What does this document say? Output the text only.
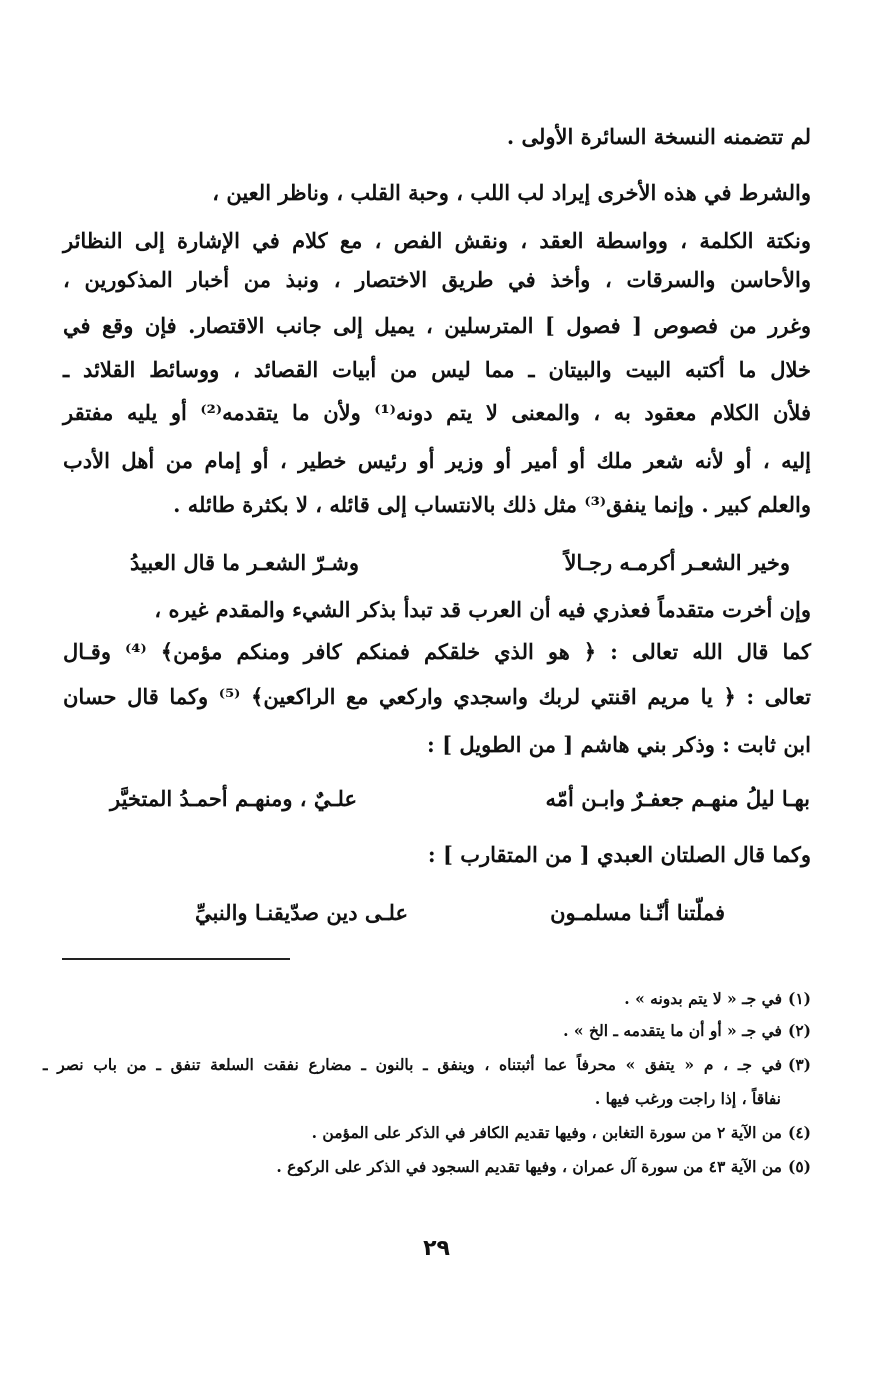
لم تتضمنه النسخة السائرة الأولى .
والشرط في هذه الأخرى إيراد لب اللب ، وحبة القلب ، وناظر العين ،
ونكتة الكلمة ، وواسطة العقد ، ونقش الفص ، مع كلام في الإشارة إلى النظائر
والأحاسن والسرقات ، وأخذ في طريق الاختصار ، ونبذ من أخبار المذكورين ،
وغرر من فصوص [ فصول ] المترسلين ، يميل إلى جانب الاقتصار. فإن وقع في
خلال ما أكتبه البيت والبيتان ـ مما ليس من أبيات القصائد ، ووسائط القلائد ـ
فلأن الكلام معقود به ، والمعنى لا يتم دونه⁽¹⁾ ولأن ما يتقدمه⁽²⁾ أو يليه مفتقر
إليه ، أو لأنه شعر ملك أو أمير أو وزير أو رئيس خطير ، أو إمام من أهل الأدب
والعلم كبير . وإنما ينفق⁽³⁾ مثل ذلك بالانتساب إلى قائله ، لا بكثرة طائله .
وخير الشعـر أكرمـه رجـالاً
وشـرّ الشعـر ما قال العبيدُ
وإن أخرت متقدماً فعذري فيه أن العرب قد تبدأ بذكر الشيء والمقدم غيره ،
كما قال الله تعالى : ﴿ هو الذي خلقكم فمنكم كافر ومنكم مؤمن﴾ ⁽⁴⁾ وقـال
تعالى : ﴿ يا مريم اقنتي لربك واسجدي واركعي مع الراكعين﴾ ⁽⁵⁾ وكما قال حسان
ابن ثابت : وذكر بني هاشم [ من الطويل ] :
بهـا ليلُ منهـم جعفـرٌ وابـن أمّه
علـيٌ ، ومنهـم أحمـدُ المتخيَّر
وكما قال الصلتان العبدي [ من المتقارب ] :
فملّتنا أنّـنا مسلمـون
علـى دين صدّيقنـا والنبيِّ
(١)في جـ « لا يتم بدونه » .
(٢)في جـ « أو أن ما يتقدمه ـ الخ » .
(٣)في جـ ، م « يتفق » محرفاً عما أثبتناه ، وينفق ـ بالنون ـ مضارع نفقت السلعة تنفق ـ من باب نصر ـ
نفاقاً ، إذا راجت ورغب فيها .
(٤)من الآية ٢ من سورة التغابن ، وفيها تقديم الكافر في الذكر على المؤمن .
(٥)من الآية ٤٣ من سورة آل عمران ، وفيها تقديم السجود في الذكر على الركوع .
٢٩
